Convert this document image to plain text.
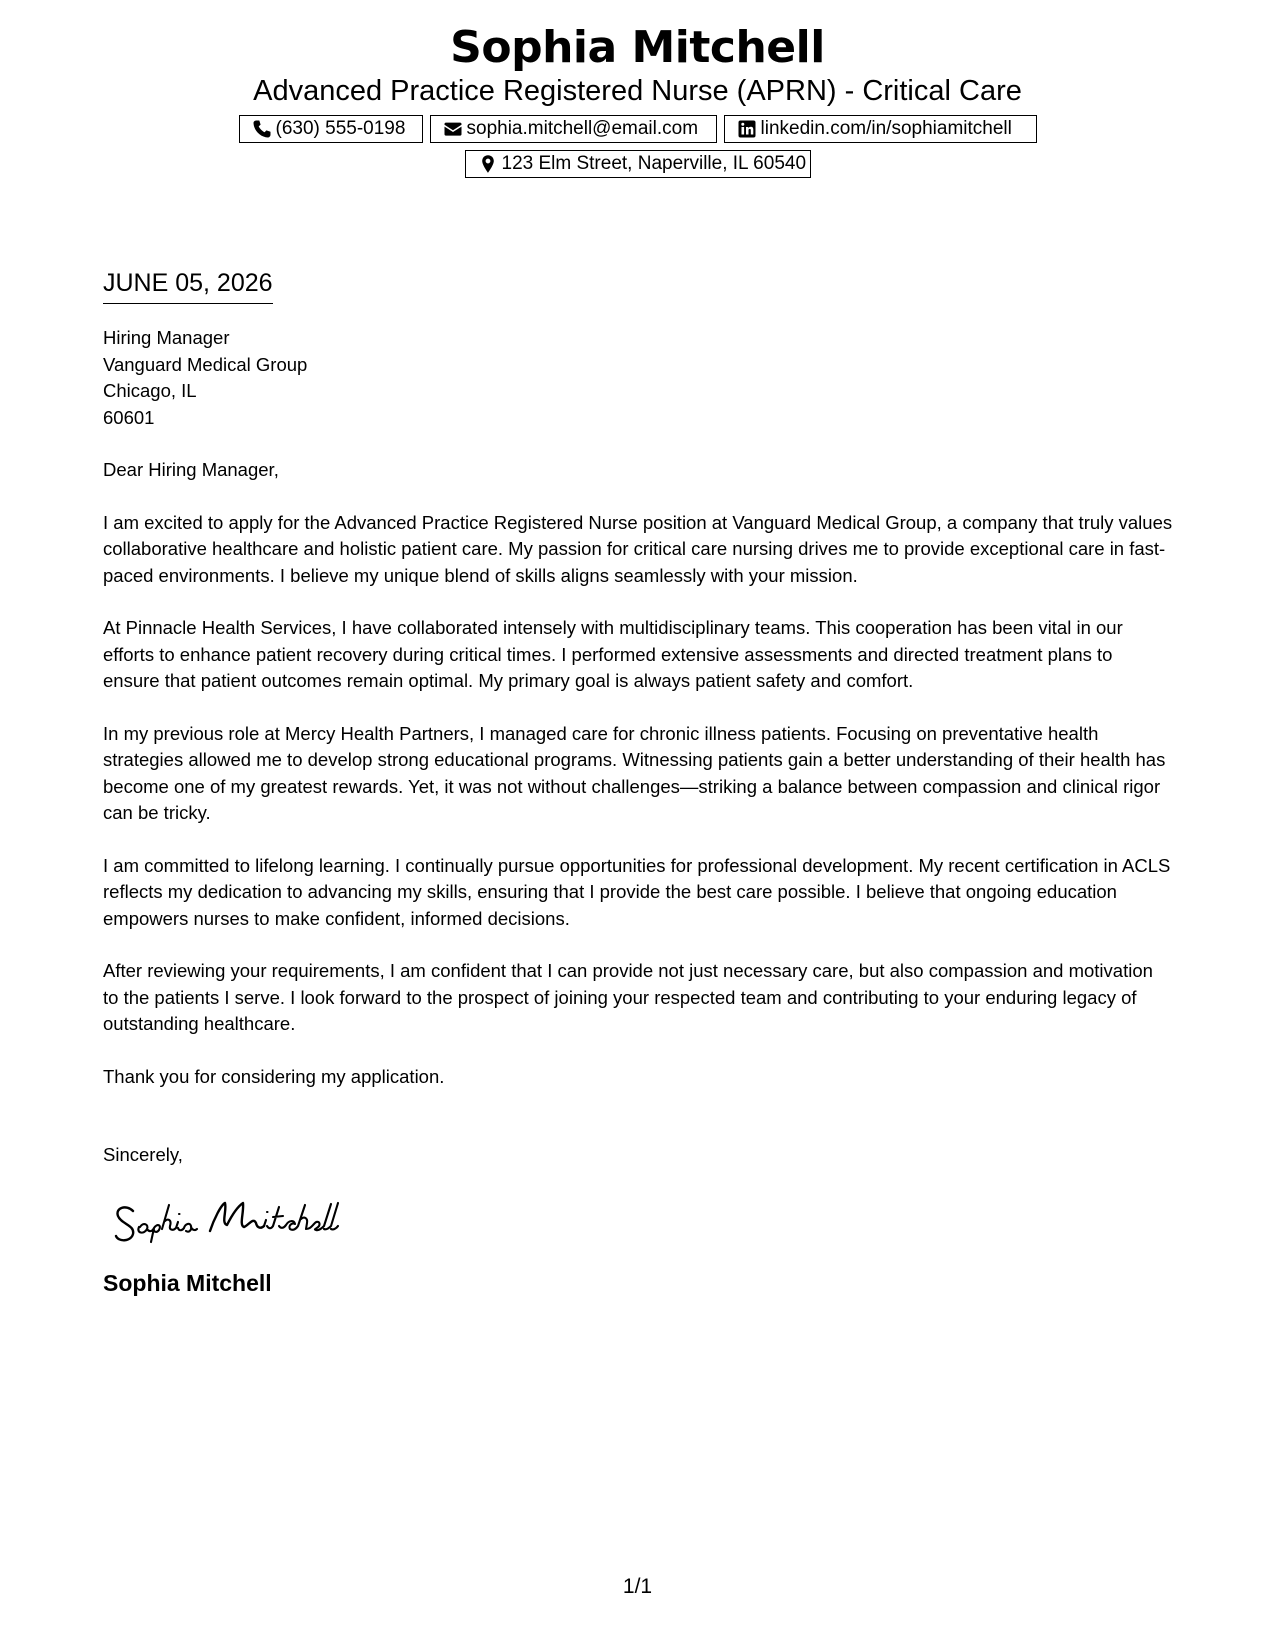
Sophia Mitchell
Advanced Practice Registered Nurse (APRN) - Critical Care
(630) 555-0198	sophia.mitchell@email.com	linkedin.com/in/sophiamitchell
123 Elm Street, Naperville, IL 60540
JUNE 05, 2026
Hiring Manager
Vanguard Medical Group
Chicago, IL
60601
Dear Hiring Manager,

I am excited to apply for the Advanced Practice Registered Nurse position at Vanguard Medical Group, a company that truly values collaborative healthcare and holistic patient care. My passion for critical care nursing drives me to provide exceptional care in fast-paced environments. I believe my unique blend of skills aligns seamlessly with your mission.

At Pinnacle Health Services, I have collaborated intensely with multidisciplinary teams. This cooperation has been vital in our efforts to enhance patient recovery during critical times. I performed extensive assessments and directed treatment plans to ensure that patient outcomes remain optimal. My primary goal is always patient safety and comfort.

In my previous role at Mercy Health Partners, I managed care for chronic illness patients. Focusing on preventative health strategies allowed me to develop strong educational programs. Witnessing patients gain a better understanding of their health has become one of my greatest rewards. Yet, it was not without challenges—striking a balance between compassion and clinical rigor can be tricky.

I am committed to lifelong learning. I continually pursue opportunities for professional development. My recent certification in ACLS reflects my dedication to advancing my skills, ensuring that I provide the best care possible. I believe that ongoing education empowers nurses to make confident, informed decisions.

After reviewing your requirements, I am confident that I can provide not just necessary care, but also compassion and motivation to the patients I serve. I look forward to the prospect of joining your respected team and contributing to your enduring legacy of outstanding healthcare.

Thank you for considering my application.

Sincerely,
Sophia Mitchell
1/1
